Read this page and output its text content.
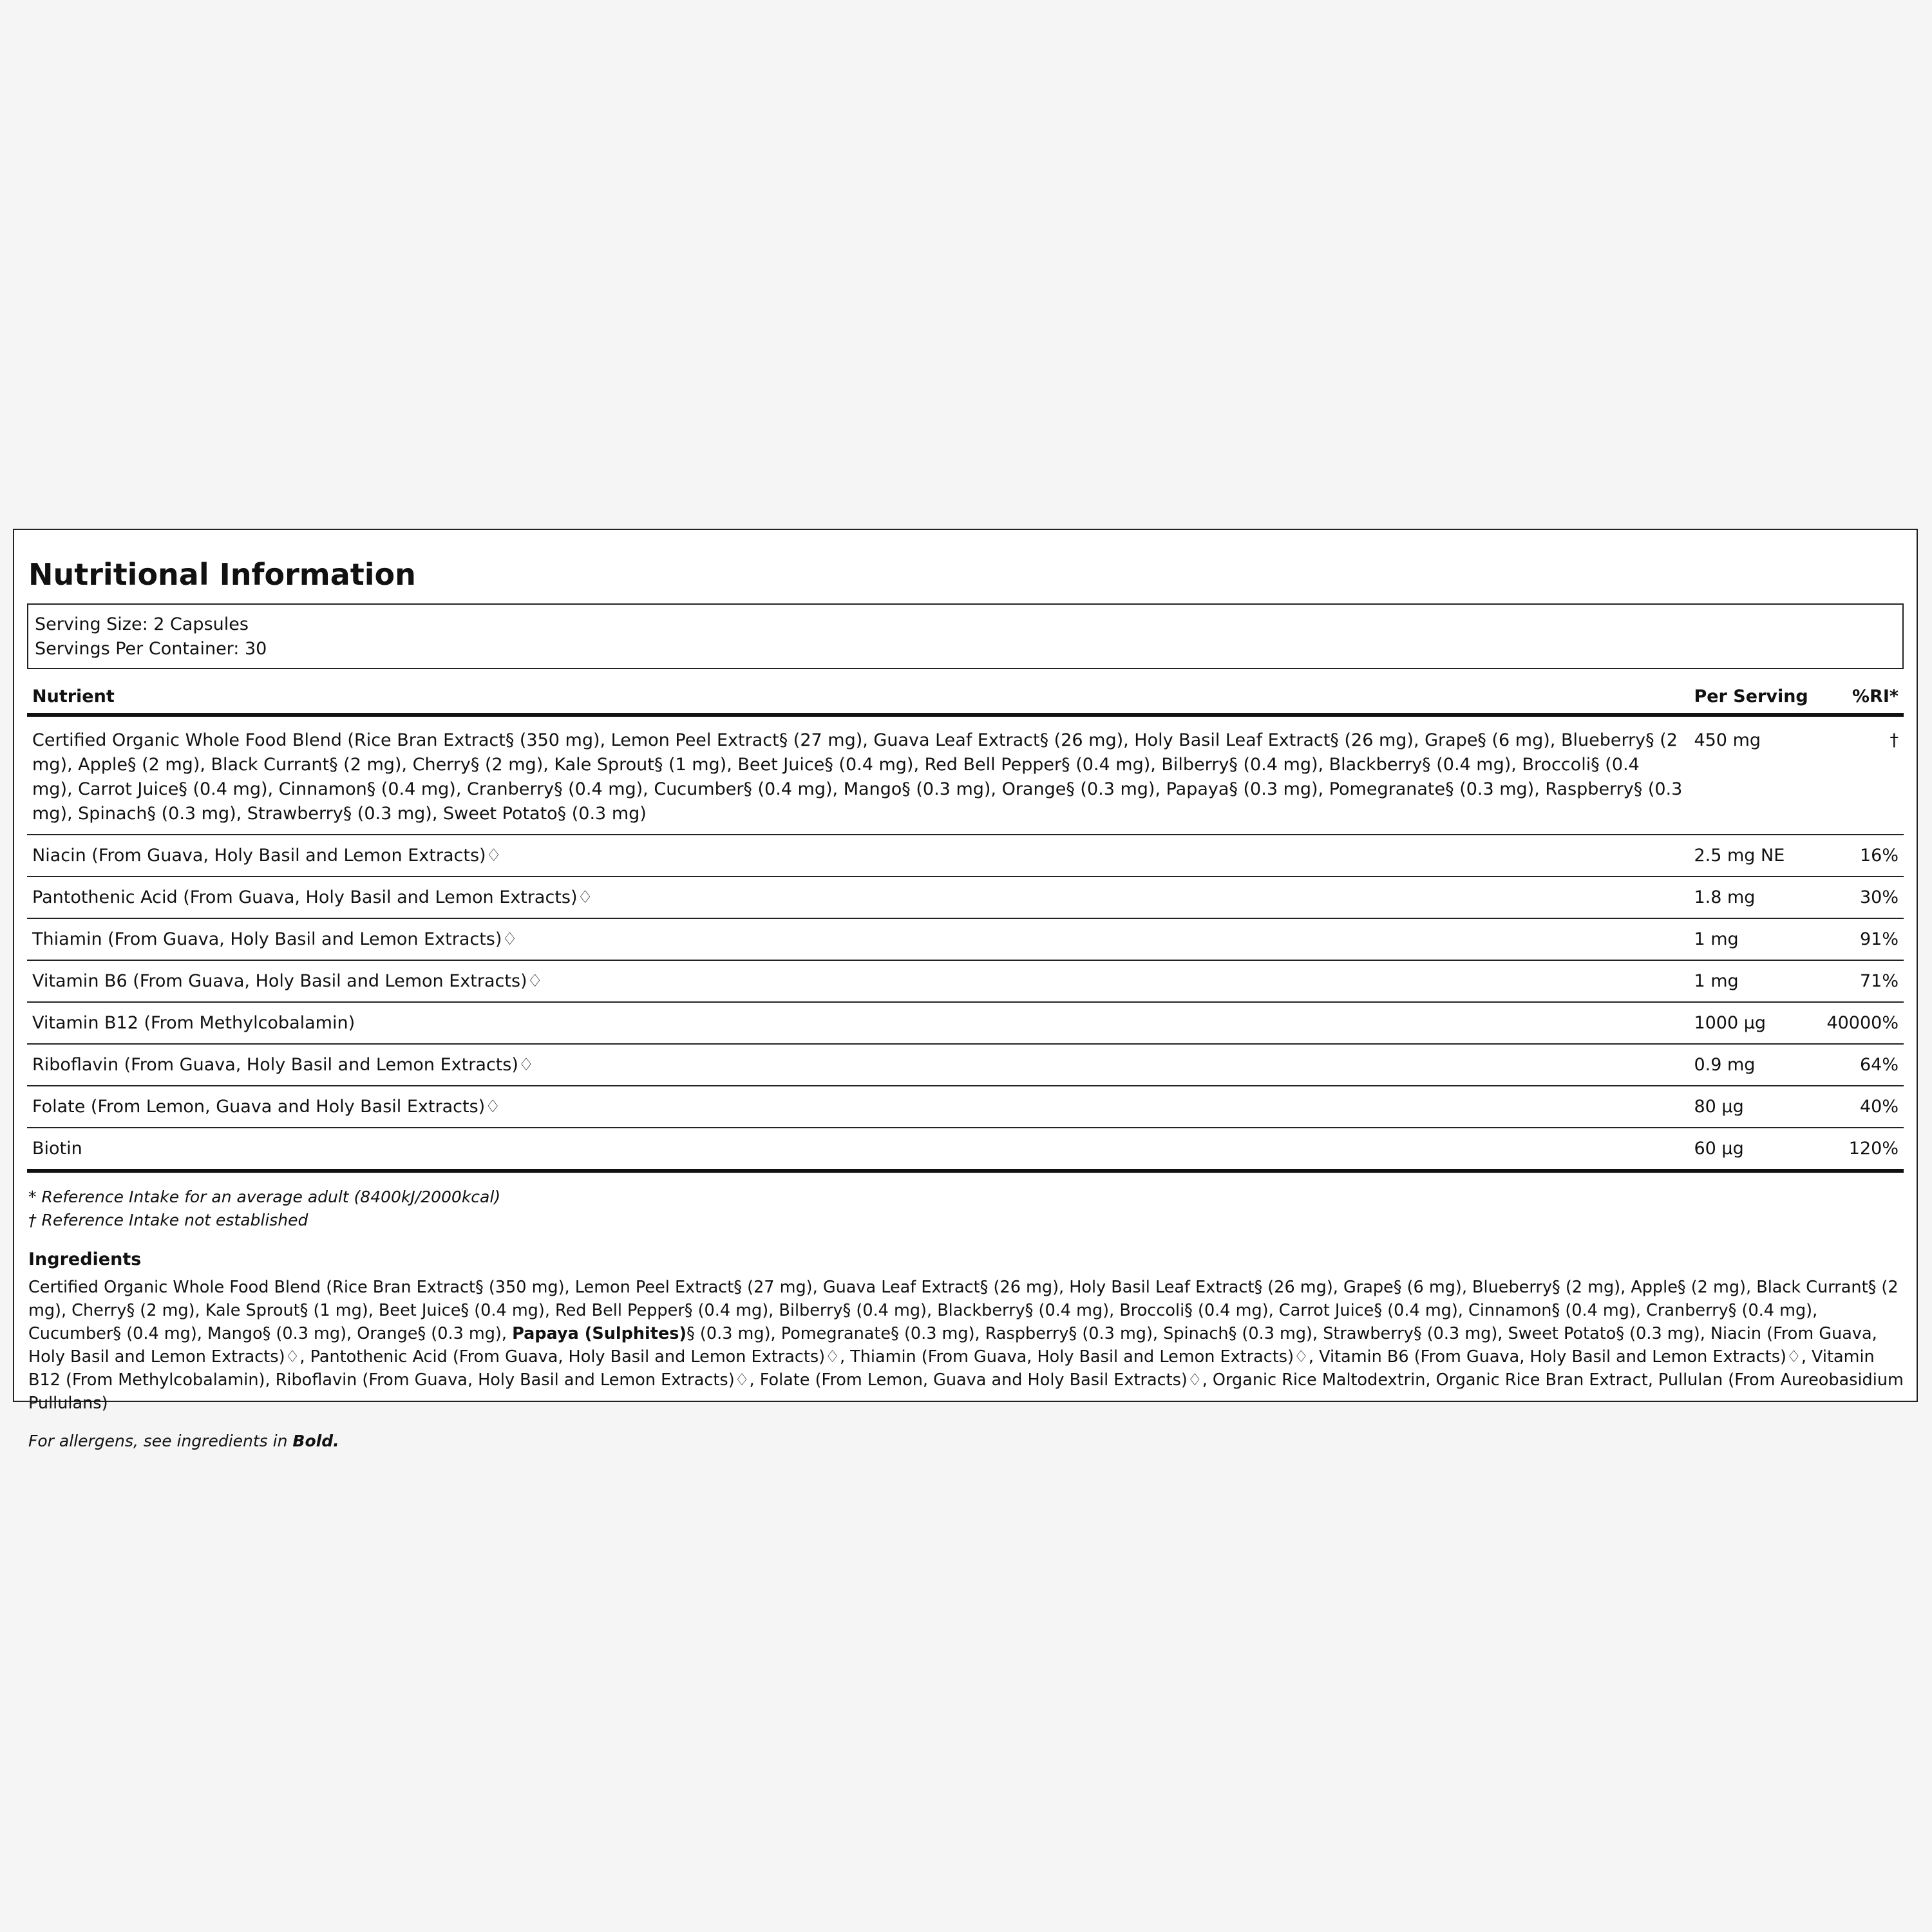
Nutritional Information
Serving Size: 2 Capsules
Servings Per Container: 30
Nutrient	Per Serving	%RI*
Certified Organic Whole Food Blend (Rice Bran Extract§ (350 mg), Lemon Peel Extract§ (27 mg), Guava Leaf Extract§ (26 mg), Holy Basil Leaf Extract§ (26 mg), Grape§ (6 mg), Blueberry§ (2 mg), Apple§ (2 mg), Black Currant§ (2 mg), Cherry§ (2 mg), Kale Sprout§ (1 mg), Beet Juice§ (0.4 mg), Red Bell Pepper§ (0.4 mg), Bilberry§ (0.4 mg), Blackberry§ (0.4 mg), Broccoli§ (0.4 mg), Carrot Juice§ (0.4 mg), Cinnamon§ (0.4 mg), Cranberry§ (0.4 mg), Cucumber§ (0.4 mg), Mango§ (0.3 mg), Orange§ (0.3 mg), Papaya§ (0.3 mg), Pomegranate§ (0.3 mg), Raspberry§ (0.3 mg), Spinach§ (0.3 mg), Strawberry§ (0.3 mg), Sweet Potato§ (0.3 mg)	450 mg	†
Niacin (From Guava, Holy Basil and Lemon Extracts)♢	2.5 mg NE	16%
Pantothenic Acid (From Guava, Holy Basil and Lemon Extracts)♢	1.8 mg	30%
Thiamin (From Guava, Holy Basil and Lemon Extracts)♢	1 mg	91%
Vitamin B6 (From Guava, Holy Basil and Lemon Extracts)♢	1 mg	71%
Vitamin B12 (From Methylcobalamin)	1000 µg	40000%
Riboflavin (From Guava, Holy Basil and Lemon Extracts)♢	0.9 mg	64%
Folate (From Lemon, Guava and Holy Basil Extracts)♢	80 µg	40%
Biotin	60 µg	120%
* Reference Intake for an average adult (8400kJ/2000kcal)
† Reference Intake not established
Ingredients
Certified Organic Whole Food Blend (Rice Bran Extract§ (350 mg), Lemon Peel Extract§ (27 mg), Guava Leaf Extract§ (26 mg), Holy Basil Leaf Extract§ (26 mg), Grape§ (6 mg), Blueberry§ (2 mg), Apple§ (2 mg), Black Currant§ (2 mg), Cherry§ (2 mg), Kale Sprout§ (1 mg), Beet Juice§ (0.4 mg), Red Bell Pepper§ (0.4 mg), Bilberry§ (0.4 mg), Blackberry§ (0.4 mg), Broccoli§ (0.4 mg), Carrot Juice§ (0.4 mg), Cinnamon§ (0.4 mg), Cranberry§ (0.4 mg), Cucumber§ (0.4 mg), Mango§ (0.3 mg), Orange§ (0.3 mg), Papaya (Sulphites)§ (0.3 mg), Pomegranate§ (0.3 mg), Raspberry§ (0.3 mg), Spinach§ (0.3 mg), Strawberry§ (0.3 mg), Sweet Potato§ (0.3 mg), Niacin (From Guava, Holy Basil and Lemon Extracts)♢, Pantothenic Acid (From Guava, Holy Basil and Lemon Extracts)♢, Thiamin (From Guava, Holy Basil and Lemon Extracts)♢, Vitamin B6 (From Guava, Holy Basil and Lemon Extracts)♢, Vitamin B12 (From Methylcobalamin), Riboflavin (From Guava, Holy Basil and Lemon Extracts)♢, Folate (From Lemon, Guava and Holy Basil Extracts)♢, Organic Rice Maltodextrin, Organic Rice Bran Extract, Pullulan (From Aureobasidium Pullulans)
For allergens, see ingredients in Bold.
